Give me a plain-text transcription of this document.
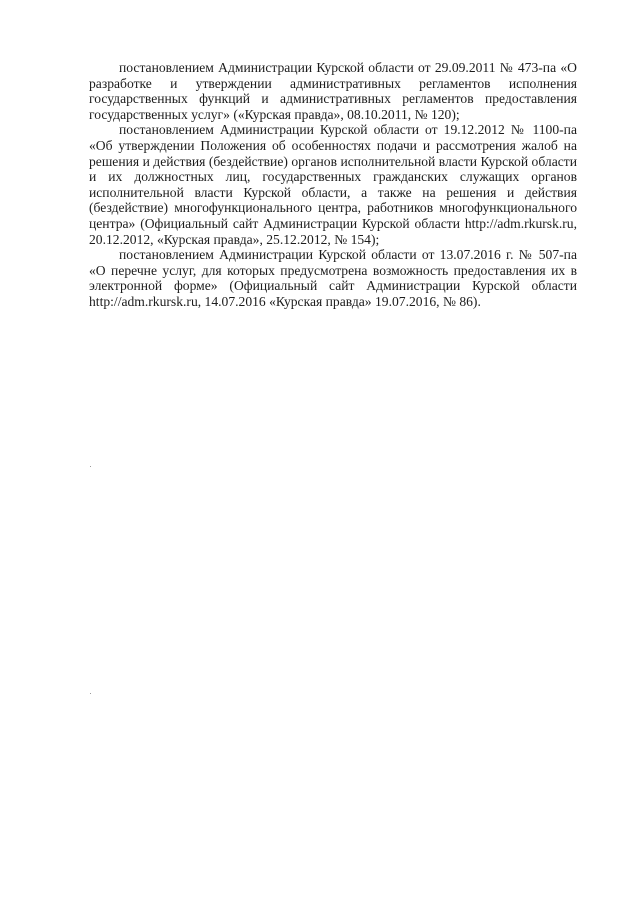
постановлением Администрации Курской области от 29.09.2011 № 473-па «О разработке и утверждении административных регламентов исполнения государственных функций и административных регламентов предоставления государственных услуг» («Курская правда», 08.10.2011, № 120);

постановлением Администрации Курской области от 19.12.2012 № 1100-па «Об утверждении Положения об особенностях подачи и рассмотрения жалоб на решения и действия (бездействие) органов исполнительной власти Курской области и их должностных лиц, государственных гражданских служащих органов исполнительной власти Курской области, а также на решения и действия (бездействие) многофункционального центра, работников многофункционального центра» (Официальный сайт Администрации Курской области http://adm.rkursk.ru, 20.12.2012, «Курская правда», 25.12.2012, № 154);

постановлением Администрации Курской области от 13.07.2016 г. № 507-па «О перечне услуг, для которых предусмотрена возможность предоставления их в электронной форме» (Официальный сайт Администрации Курской области http://adm.rkursk.ru, 14.07.2016 «Курская правда» 19.07.2016, № 86).
